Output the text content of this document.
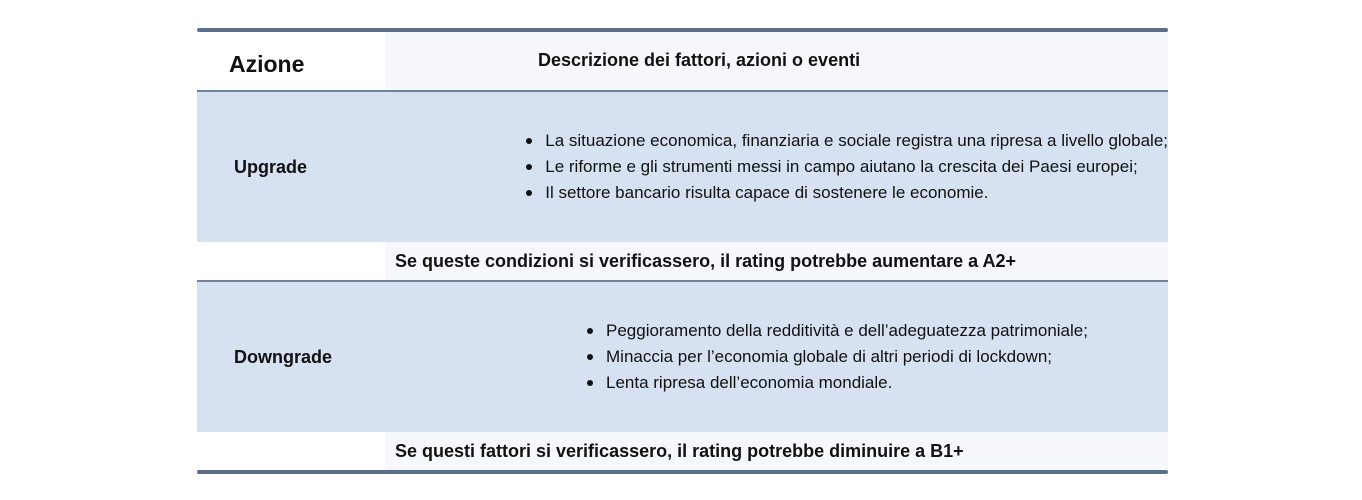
Azione	Descrizione dei fattori, azioni o eventi
Upgrade
La situazione economica, finanziaria e sociale registra una ripresa a livello globale;
Le riforme e gli strumenti messi in campo aiutano la crescita dei Paesi europei;
Il settore bancario risulta capace di sostenere le economie.
Se queste condizioni si verificassero, il rating potrebbe aumentare a A2+
Downgrade
Peggioramento della redditività e dell’adeguatezza patrimoniale;
Minaccia per l’economia globale di altri periodi di lockdown;
Lenta ripresa dell’economia mondiale.
Se questi fattori si verificassero, il rating potrebbe diminuire a B1+
